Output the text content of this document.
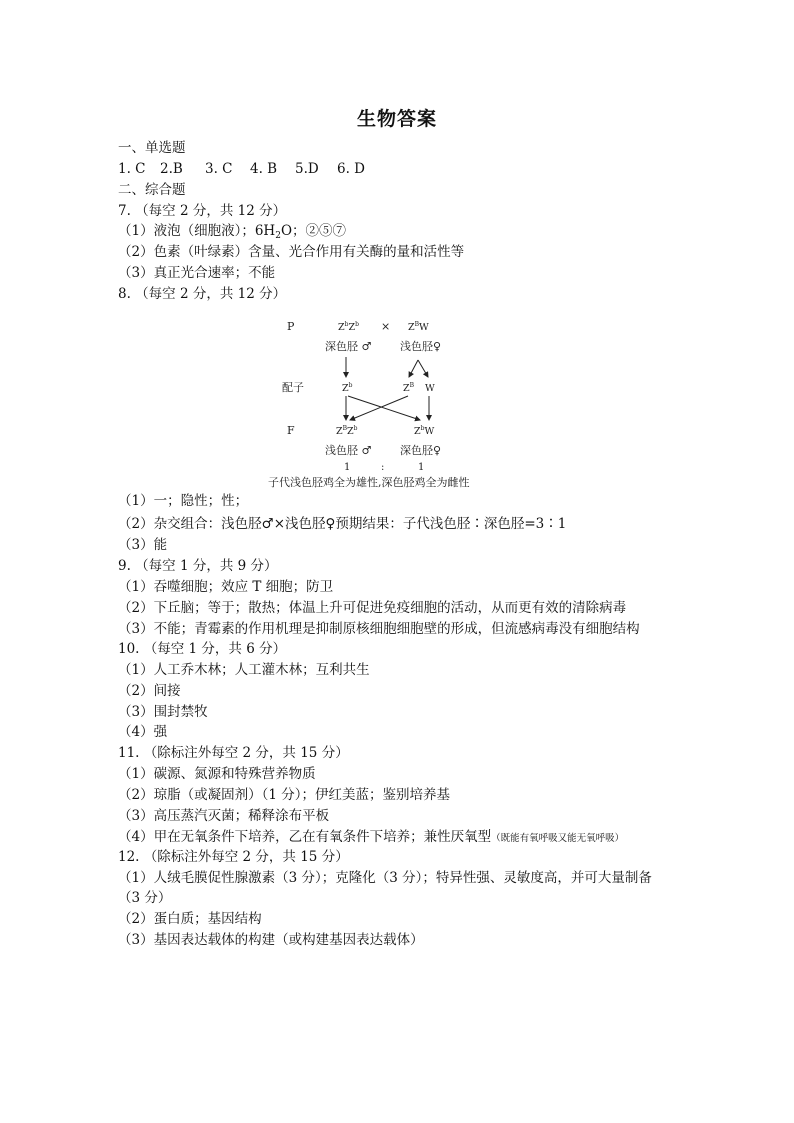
生物答案
一、单选题
1. C 2.B 3. C 4. B 5.D 6. D
二、综合题
7. （每空 2 分，共 12 分）
（1）液泡（细胞液）；$6H_2O$；②⑤⑦
（2）色素（叶绿素）含量、光合作用有关酶的量和活性等
（3）真正光合速率；不能
8. （每空 2 分，共 12 分）
P	$Z^bZ^b \times Z^BW$
深色胫 ♂	浅色胫♀
配子	$Z^b$	$Z^B$ W
F	$Z^BZ^b$	$Z^bW$
浅色胫 ♂	深色胫♀
1	:	1
子代浅色胫鸡全为雄性,深色胫鸡全为雌性
（1）一；隐性；性；
（2）杂交组合：浅色胫♂×浅色胫♀预期结果：子代浅色胫∶深色胫=3∶1
（3）能
9. （每空 1 分，共 9 分）
（1）吞噬细胞；效应 T 细胞；防卫
（2）下丘脑；等于；散热；体温上升可促进免疫细胞的活动，从而更有效的清除病毒
（3）不能；青霉素的作用机理是抑制原核细胞细胞壁的形成，但流感病毒没有细胞结构
10. （每空 1 分，共 6 分）
（1）人工乔木林；人工灌木林；互利共生
（2）间接
（3）围封禁牧
（4）强
11. （除标注外每空 2 分，共 15 分）
（1）碳源、氮源和特殊营养物质
（2）琼脂（或凝固剂）（1 分）；伊红美蓝；鉴别培养基
（3）高压蒸汽灭菌；稀释涂布平板
（4）甲在无氧条件下培养，乙在有氧条件下培养；兼性厌氧型（既能有氧呼吸又能无氧呼吸）
12. （除标注外每空 2 分，共 15 分）
（1）人绒毛膜促性腺激素（3 分）；克隆化（3 分）；特异性强、灵敏度高，并可大量制备
（3 分）
（2）蛋白质；基因结构
（3）基因表达载体的构建（或构建基因表达载体）
